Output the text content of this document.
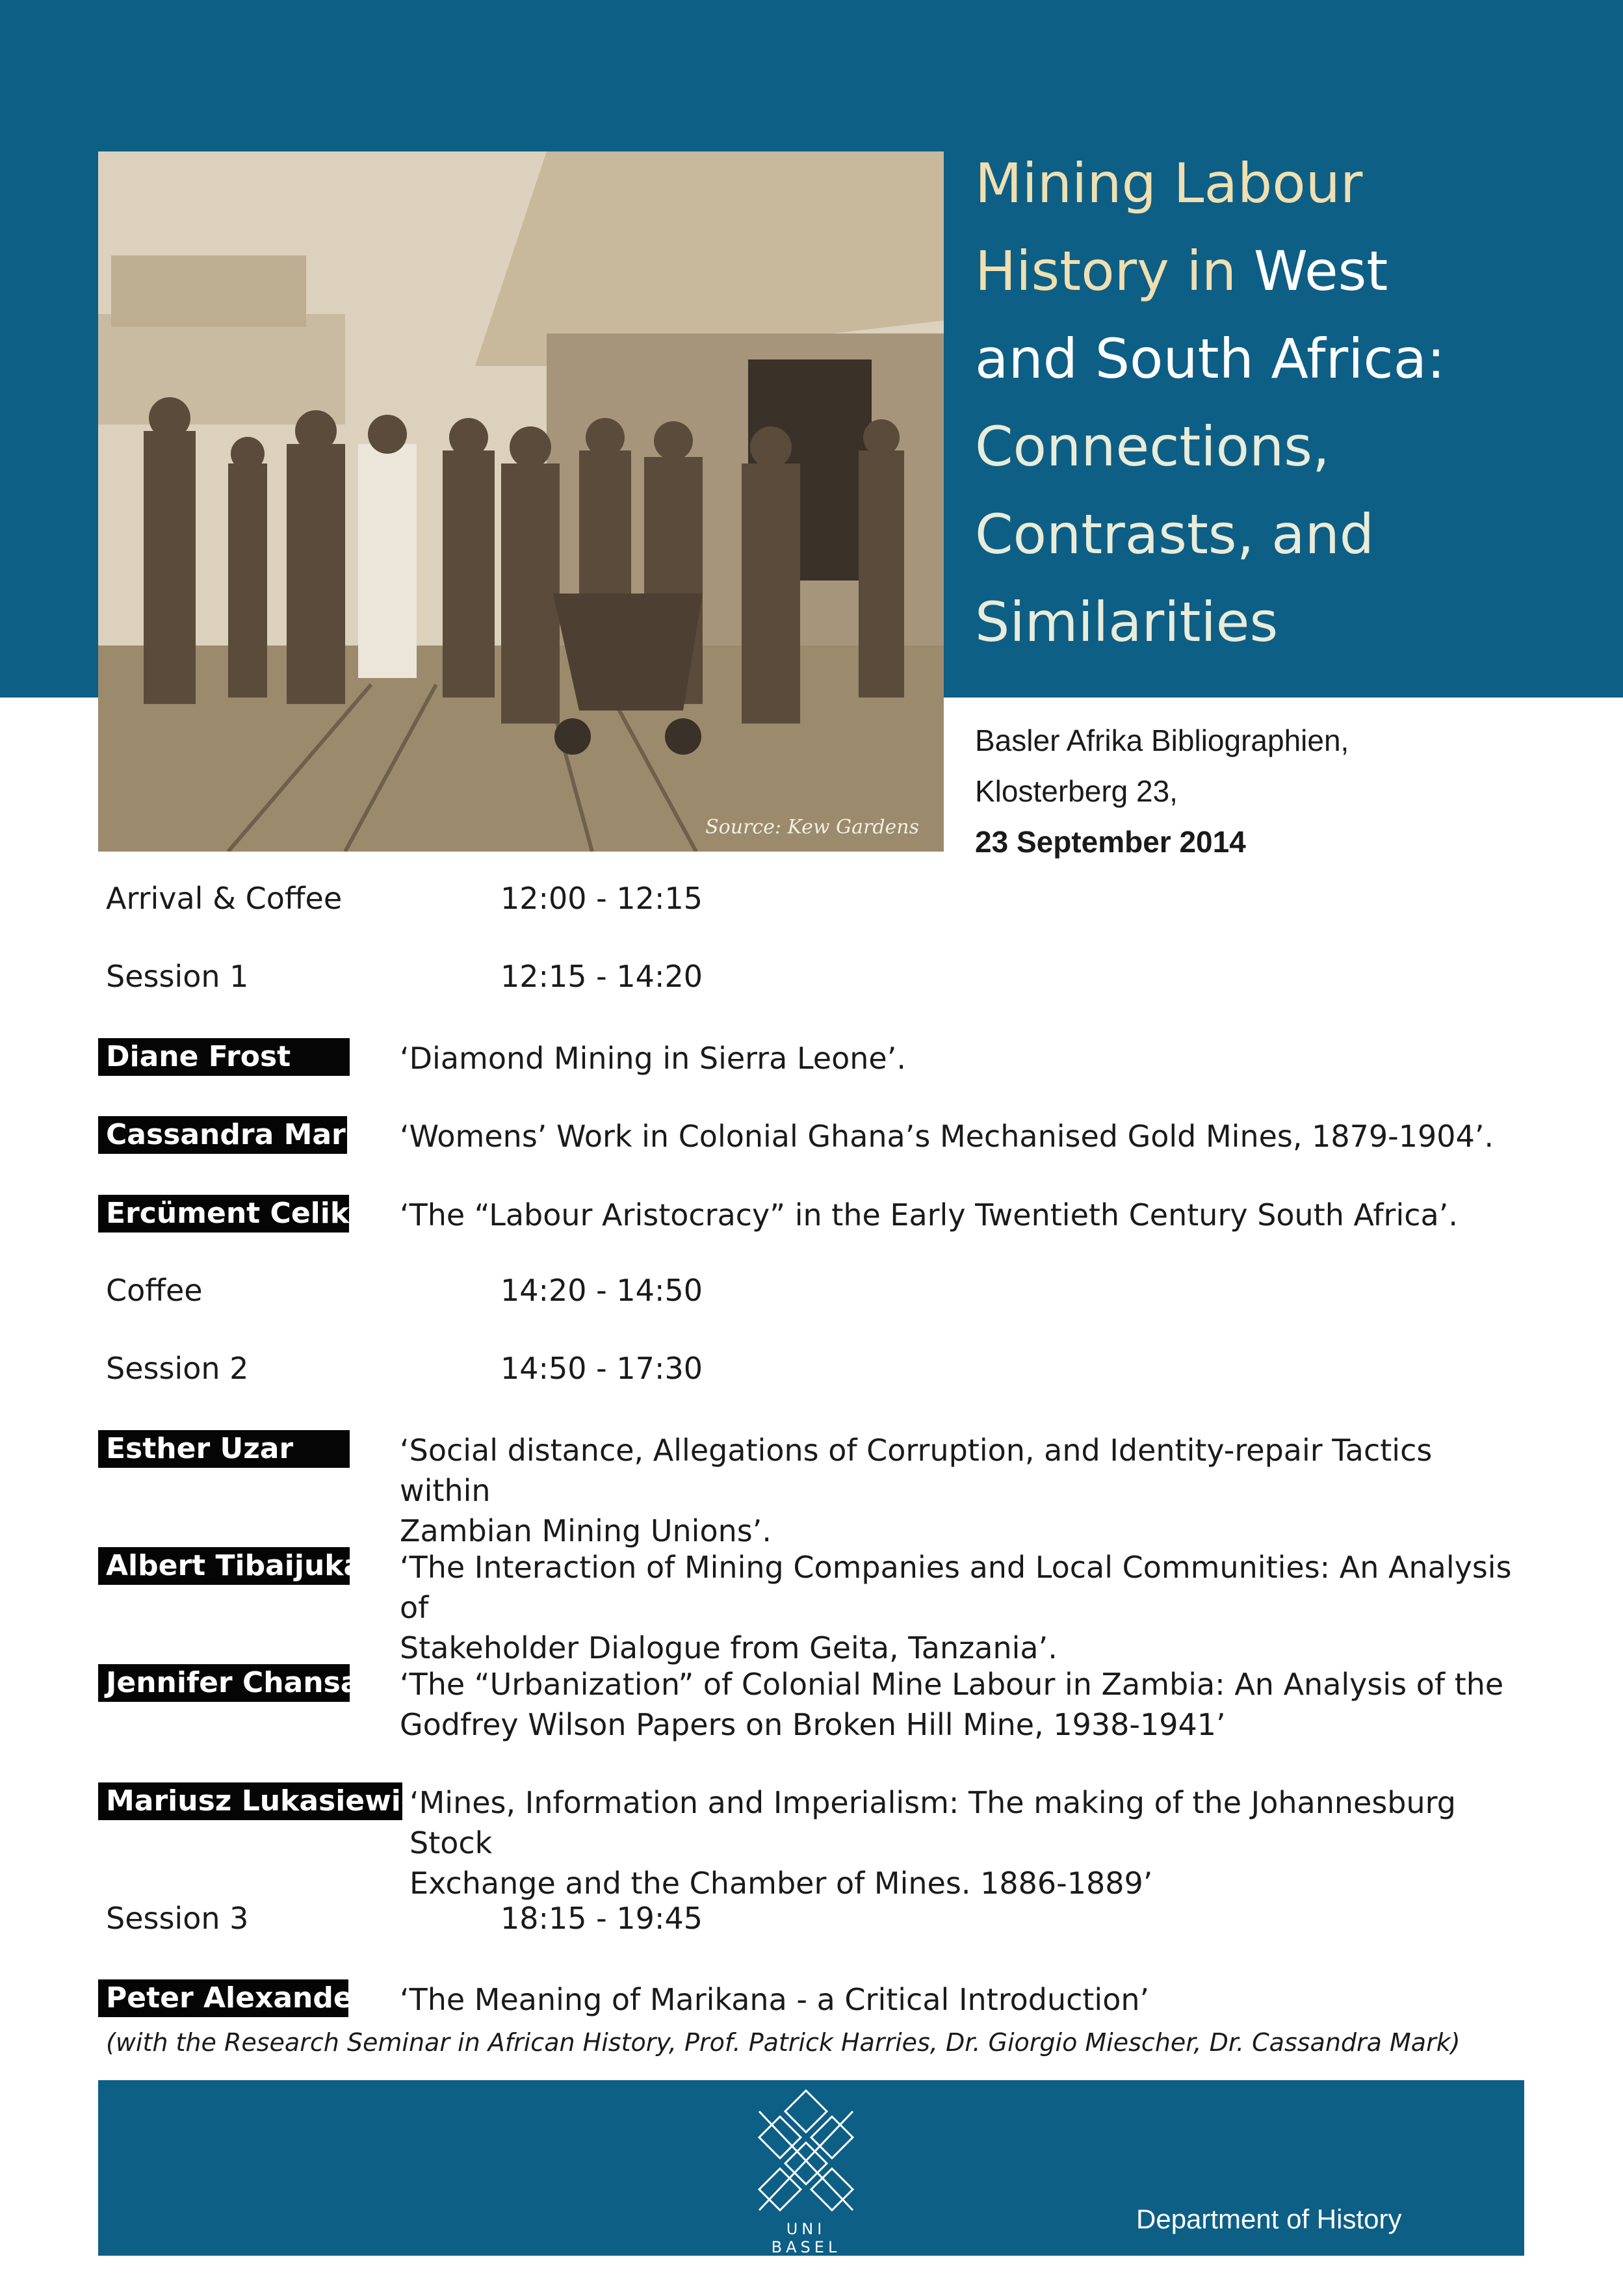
Source: Kew Gardens
Mining Labour
History in West
and South Africa:
Connections,
Contrasts, and
Similarities
Basler Afrika Bibliographien,
Klosterberg 23,
23 September 2014
Arrival & Coffee	12:00 - 12:15
Session 1	12:15 - 14:20
Diane Frost	‘Diamond Mining in Sierra Leone’.
Cassandra Mark ‘Womens’ Work in Colonial Ghana’s Mechanised Gold Mines, 1879-1904’.
Ercüment Celik ‘The “Labour Aristocracy” in the Early Twentieth Century South Africa’.
Coffee	14:20 - 14:50
Session 2	14:50 - 17:30
Esther Uzar	‘Social distance, Allegations of Corruption, and Identity-repair Tactics within
Zambian Mining Unions’.
Albert Tibaijuka ‘The Interaction of Mining Companies and Local Communities: An Analysis of
Stakeholder Dialogue from Geita, Tanzania’.
Jennifer Chansa ‘The “Urbanization” of Colonial Mine Labour in Zambia: An Analysis of the
Godfrey Wilson Papers on Broken Hill Mine, 1938-1941’
Mariusz Lukasiewicz
‘Mines, Information and Imperialism: The making of the Johannesburg Stock
Exchange and the Chamber of Mines. 1886-1889’
Session 3	18:15 - 19:45
Peter Alexander ‘The Meaning of Marikana - a Critical Introduction’
(with the Research Seminar in African History, Prof. Patrick Harries, Dr. Giorgio Miescher, Dr. Cassandra Mark)
UNI
BASEL
Department of History
